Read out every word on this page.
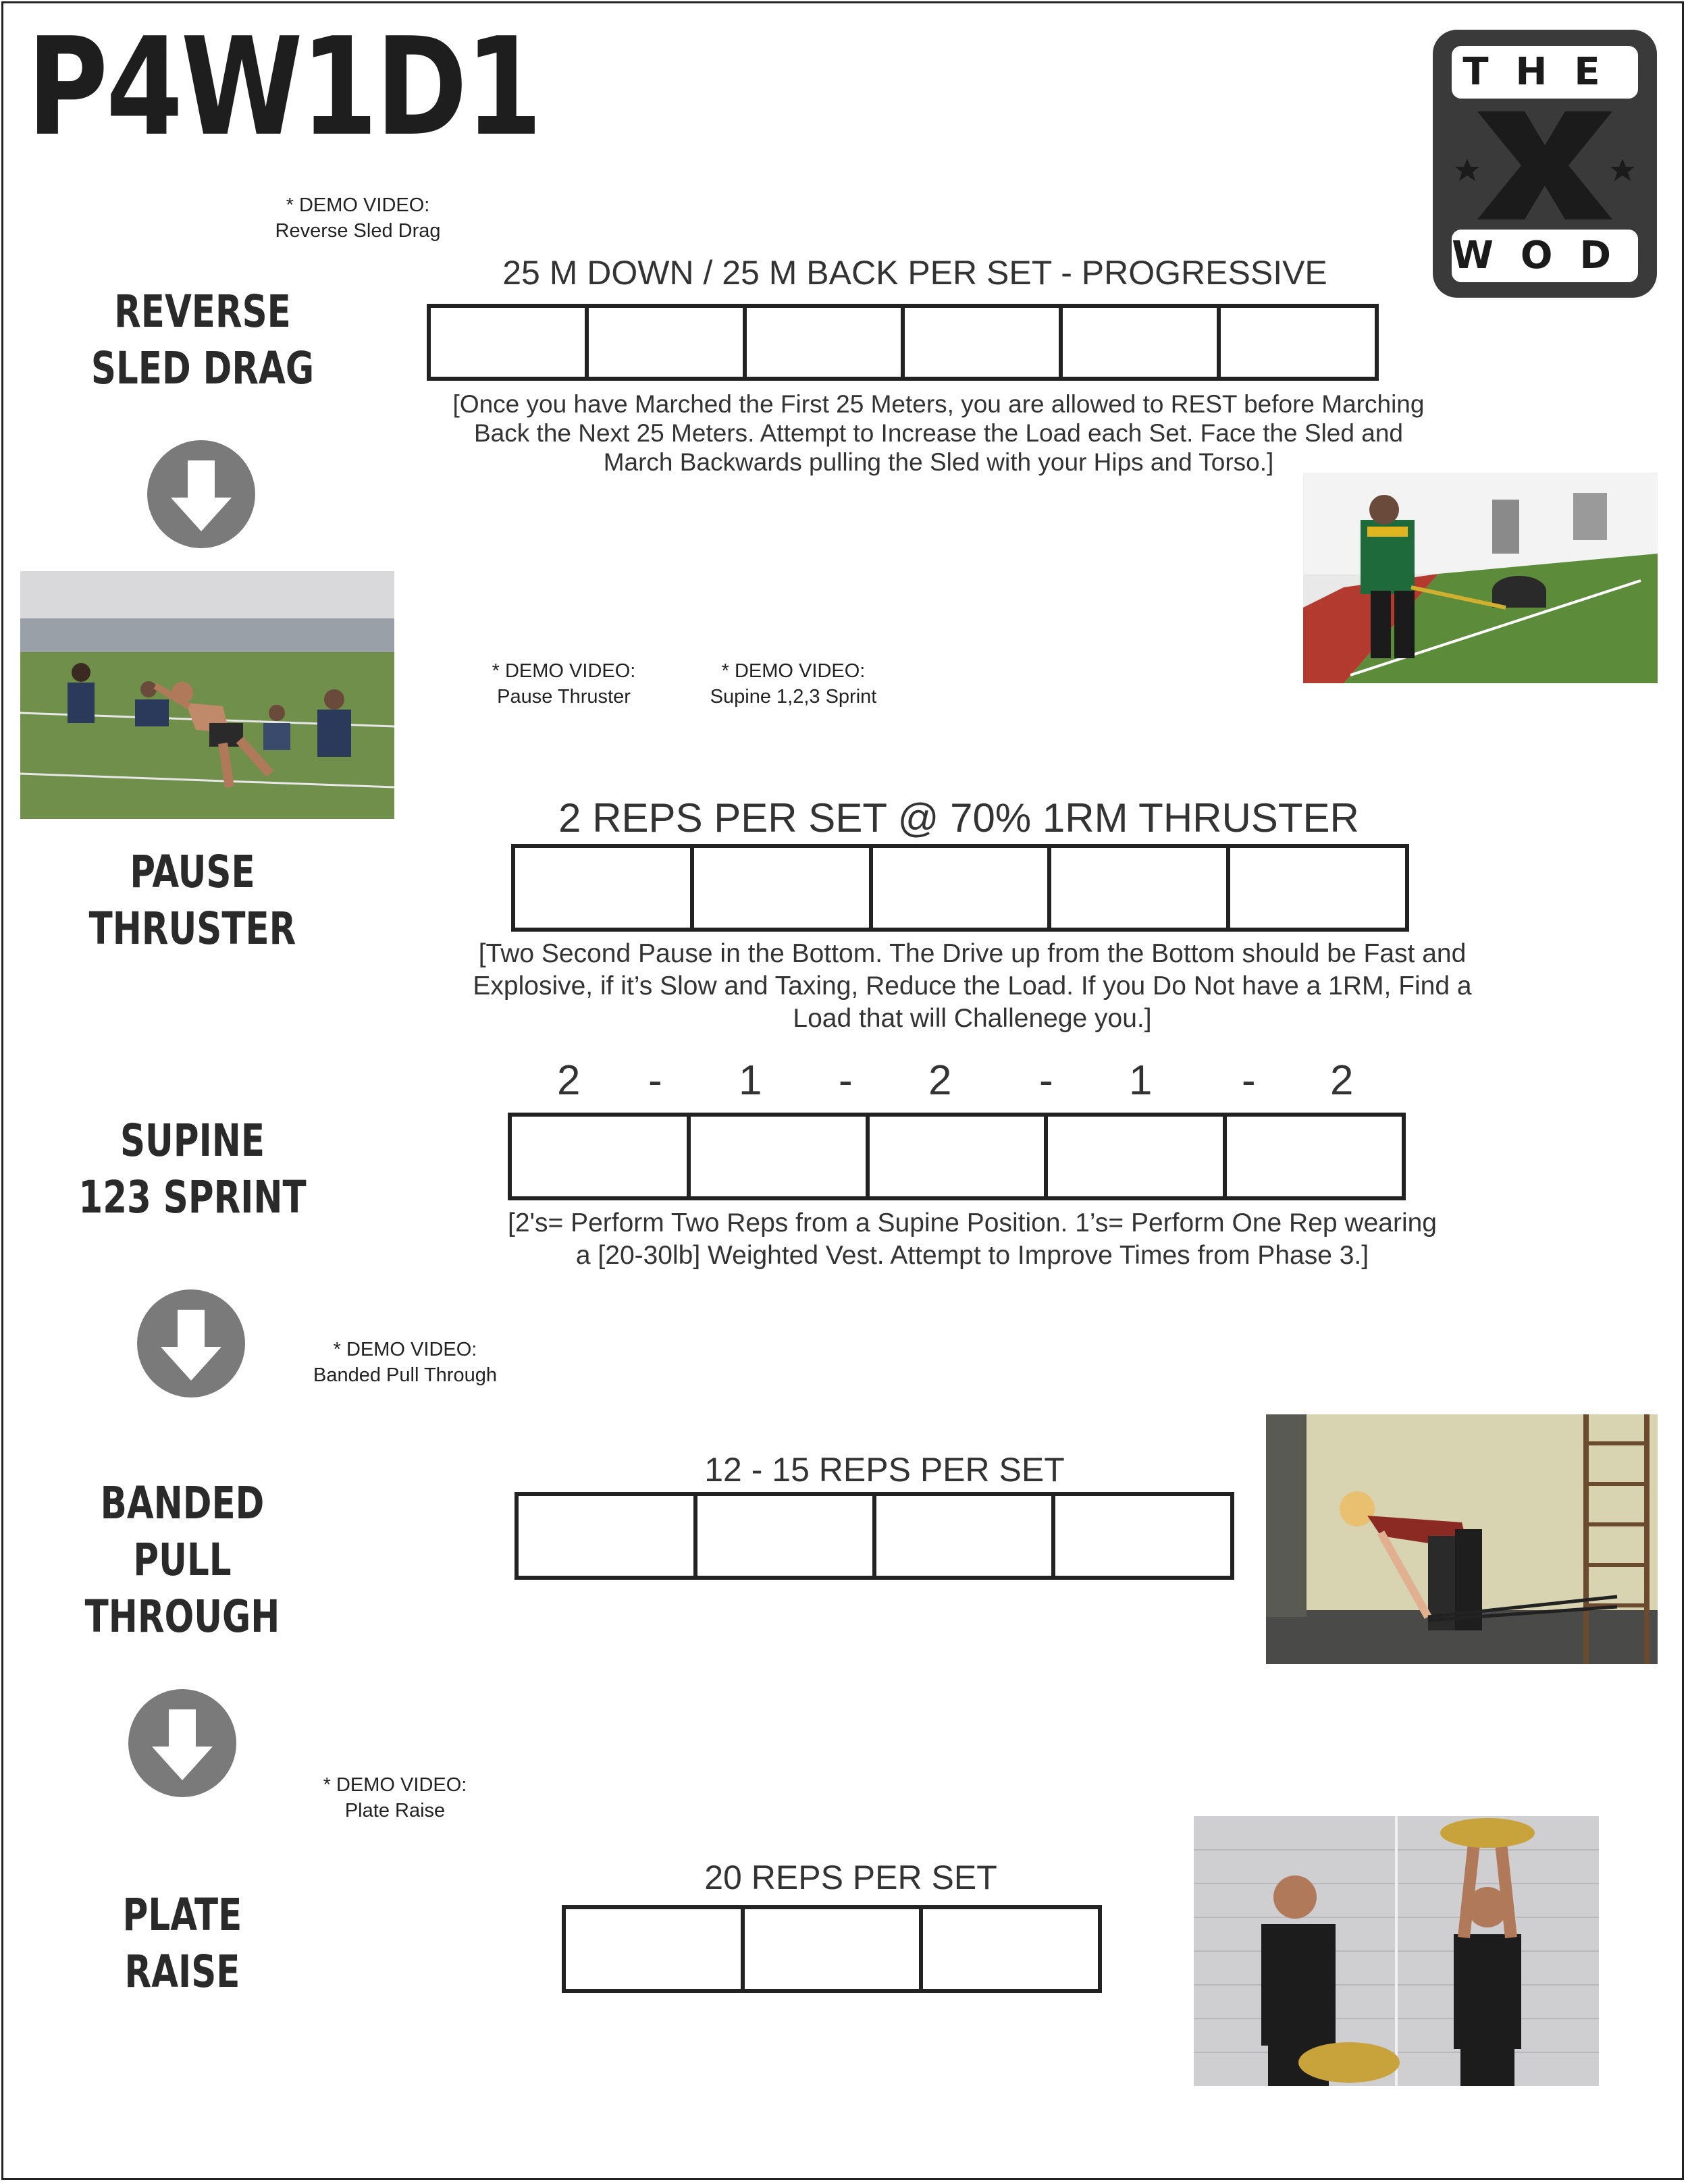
P4W1D1	THE
WOD
* DEMO VIDEO:
Reverse Sled Drag
REVERSE
SLED DRAG
25 M DOWN / 25 M BACK PER SET - PROGRESSIVE
[Once you have Marched the First 25 Meters, you are allowed to REST before Marching
Back the Next 25 Meters. Attempt to Increase the Load each Set. Face the Sled and
March Backwards pulling the Sled with your Hips and Torso.]
* DEMO VIDEO:
Pause Thruster
* DEMO VIDEO:
Supine 1,2,3 Sprint
PAUSE
THRUSTER
2 REPS PER SET @ 70% 1RM THRUSTER
[Two Second Pause in the Bottom. The Drive up from the Bottom should be Fast and
Explosive, if it’s Slow and Taxing, Reduce the Load. If you Do Not have a 1RM, Find a
Load that will Challenege you.]
2 - 1 - 2 - 1 - 2
SUPINE
123 SPRINT	[2's= Perform Two Reps from a Supine Position. 1’s= Perform One Rep wearing
a [20-30lb] Weighted Vest. Attempt to Improve Times from Phase 3.]
* DEMO VIDEO:
Banded Pull Through
12 - 15 REPS PER SET
BANDED
PULL THROUGH
* DEMO VIDEO:
Plate Raise
20 REPS PER SET
PLATE
RAISE
